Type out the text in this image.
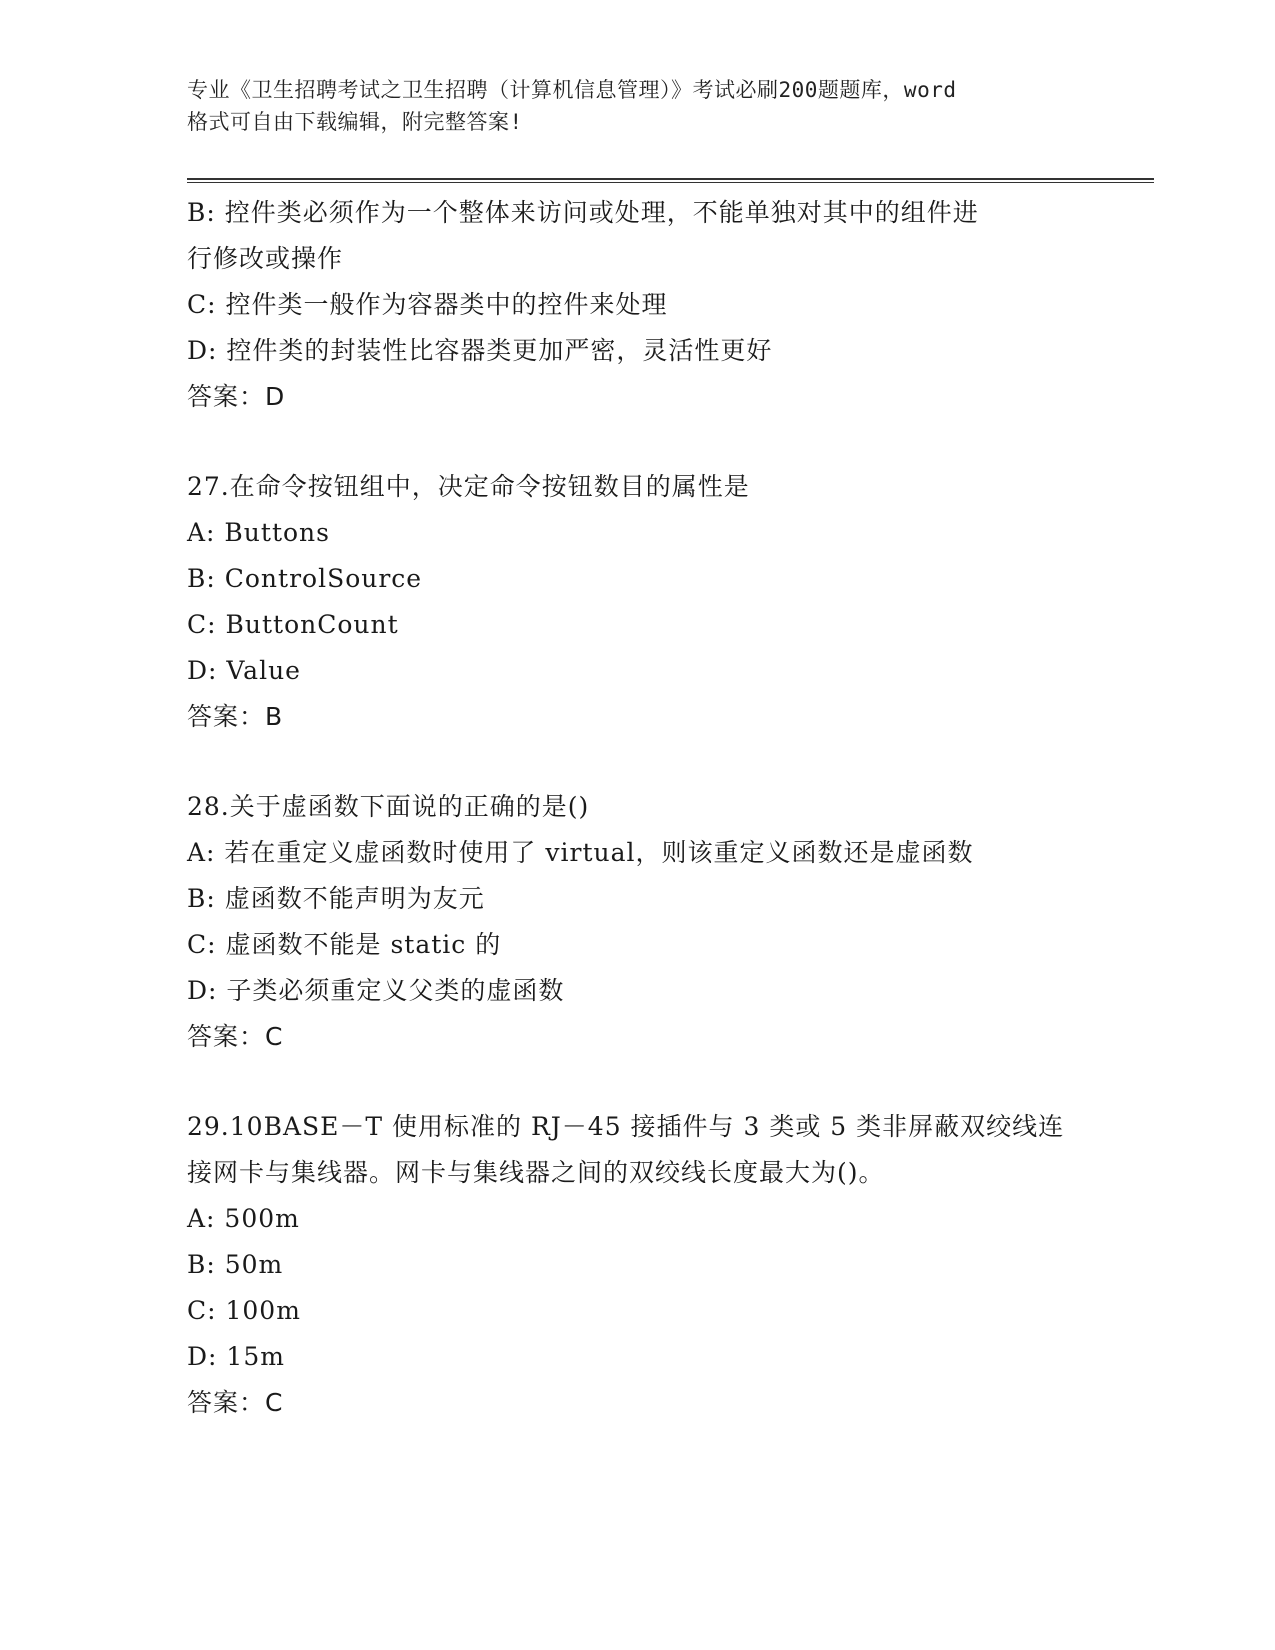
专业《卫生招聘考试之卫生招聘（计算机信息管理）》考试必刷200题题库，word
格式可自由下载编辑，附完整答案!
B: 控件类必须作为一个整体来访问或处理，不能单独对其中的组件进
行修改或操作
C: 控件类一般作为容器类中的控件来处理
D: 控件类的封装性比容器类更加严密，灵活性更好
答案：D
27.在命令按钮组中，决定命令按钮数目的属性是
A: Buttons
B: ControlSource
C: ButtonCount
D: Value
答案：B
28.关于虚函数下面说的正确的是()
A: 若在重定义虚函数时使用了 virtual，则该重定义函数还是虚函数
B: 虚函数不能声明为友元
C: 虚函数不能是 static 的
D: 子类必须重定义父类的虚函数
答案：C
29.10BASE－T 使用标准的 RJ－45 接插件与 3 类或 5 类非屏蔽双绞线连
接网卡与集线器。网卡与集线器之间的双绞线长度最大为()。
A: 500m
B: 50m
C: 100m
D: 15m
答案：C
